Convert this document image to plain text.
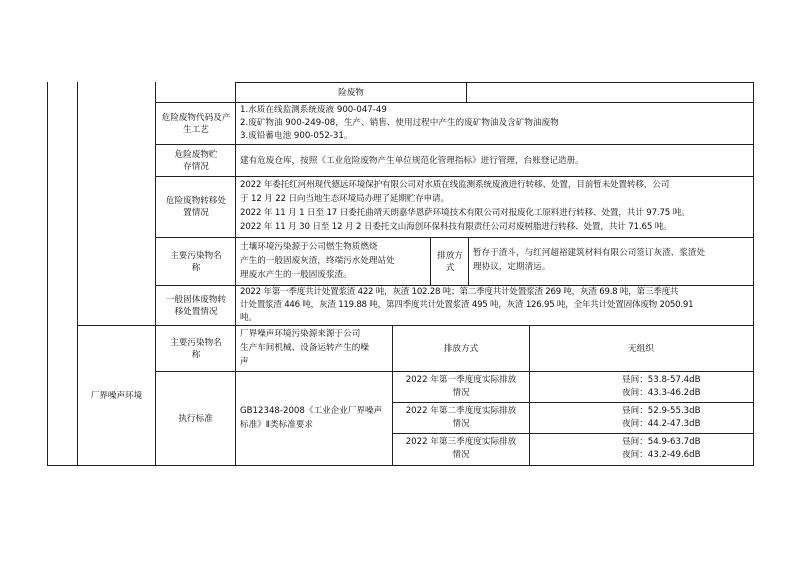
险废物
危险废物代码及产生工艺
1.水质在线监测系统废液 900-047-49
2.废矿物油 900-249-08，生产、销售、使用过程中产生的废矿物油及含矿物油废物
3.废铅蓄电池 900-052-31。
危险废物贮存情况
建有危废仓库，按照《工业危险废物产生单位规范化管理指标》进行管理，台账登记造册。
危险废物转移处置情况
2022 年委托红河州现代德远环境保护有限公司对水质在线监测系统废液进行转移、处置，目前暂未处置转移，公司
于 12 月 22 日向当地生态环境局办理了延期贮存申请。
2022 年 11 月 1 日至 17 日委托曲靖天朗嘉华恩萨环境技术有限公司对报废化工原料进行转移、处置，共计 97.75 吨。
2022 年 11 月 30 日至 12 月 2 日委托文山海创环保科技有限责任公司对废树脂进行转移、处置，共计 71.65 吨。
主要污染物名称
土壤环境污染源于公司燃生物质燃烧
产生的一般固废灰渣，终端污水处理站处
理废水产生的一般固废浆渣。
排放方式
暂存于渣斗，与红河超裕建筑材料有限公司签订灰渣、浆渣处
理协议，定期清运。
一般固体废物转移处置情况
2022 年第一季度共计处置浆渣 422 吨，灰渣 102.28 吨；第二季度共计处置浆渣 269 吨，灰渣 69.8 吨，第三季度共
计处置浆渣 446 吨，灰渣 119.88 吨，第四季度共计处置浆渣 495 吨，灰渣 126.95 吨，全年共计处置固体废物 2050.91
吨。
厂界噪声环境
主要污染物名称
厂界噪声环境污染源来源于公司
生产车间机械、设备运转产生的噪
声
排放方式	无组织
执行标准
GB12348-2008《工业企业厂界噪声
标准》Ⅱ类标准要求
2022 年第一季度度实际排放
情况
昼间：53.8-57.4dB
夜间：43.3-46.2dB
2022 年第二季度度实际排放
情况
昼间：52.9-55.3dB
夜间：44.2-47.3dB
2022 年第三季度度实际排放
情况
昼间：54.9-63.7dB
夜间：43.2-49.6dB
